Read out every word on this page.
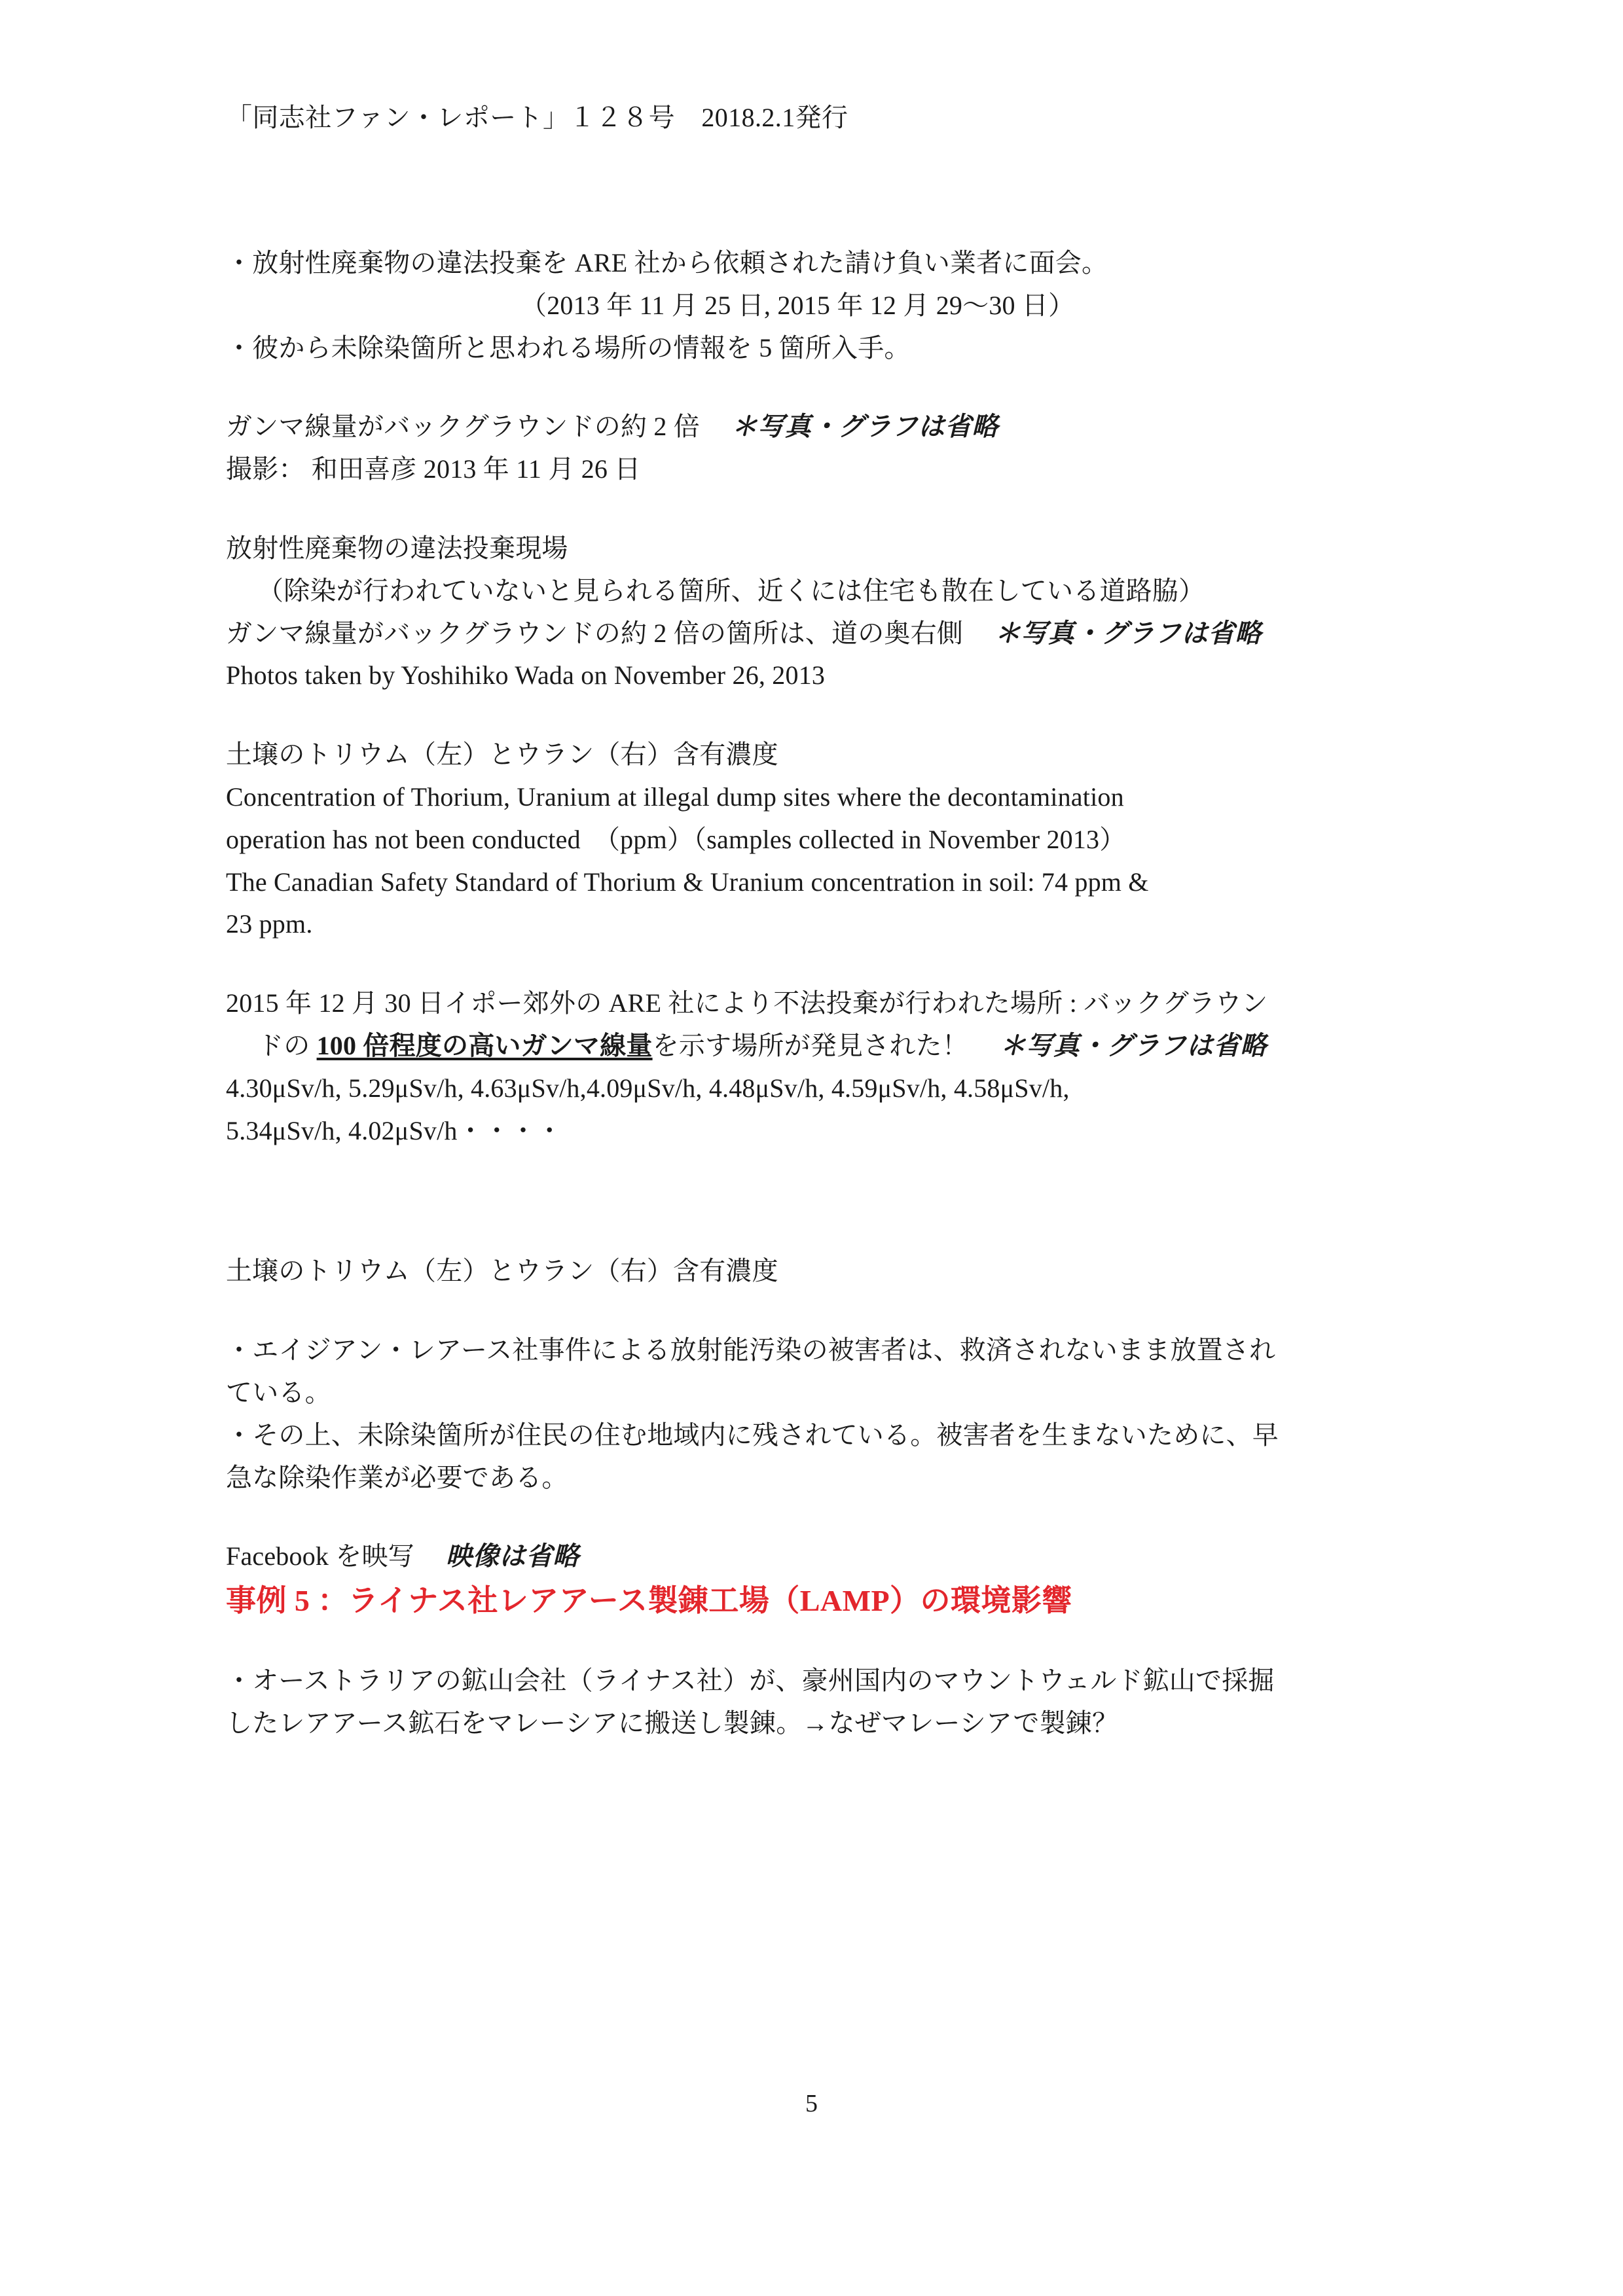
「同志社ファン・レポート」１２８号　2018.2.1発行

・放射性廃棄物の違法投棄を ARE 社から依頼された請け負い業者に面会。

（2013 年 11 月 25 日, 2015 年 12 月 29〜30 日）

・彼から未除染箇所と思われる場所の情報を 5 箇所入手。

ガンマ線量がバックグラウンドの約 2 倍 ＊写真・グラフは省略

撮影： 和田喜彦 2013 年 11 月 26 日

放射性廃棄物の違法投棄現場

（除染が行われていないと見られる箇所、近くには住宅も散在している道路脇）

ガンマ線量がバックグラウンドの約 2 倍の箇所は、道の奥右側 ＊写真・グラフは省略

Photos taken by Yoshihiko Wada on November 26, 2013

土壌のトリウム（左）とウラン（右）含有濃度

Concentration of Thorium, Uranium at illegal dump sites where the decontamination

operation has not been conducted　（ppm）（samples collected in November 2013）

The Canadian Safety Standard of Thorium & Uranium concentration in soil: 74 ppm &

23 ppm.

2015 年 12 月 30 日イポー郊外の ARE 社により不法投棄が行われた場所 : バックグラウン

ドの 100 倍程度の高いガンマ線量を示す場所が発見された！ ＊写真・グラフは省略

4.30μSv/h, 5.29μSv/h, 4.63μSv/h,4.09μSv/h, 4.48μSv/h, 4.59μSv/h, 4.58μSv/h,

5.34μSv/h, 4.02μSv/h・・・・

土壌のトリウム（左）とウラン（右）含有濃度

・エイジアン・レアース社事件による放射能汚染の被害者は、救済されないまま放置され

ている。

・その上、未除染箇所が住民の住む地域内に残されている。被害者を生まないために、早

急な除染作業が必要である。

Facebook を映写 映像は省略

事例 5 ：ライナス社レアアース製錬工場（LAMP）の環境影響

・オーストラリアの鉱山会社（ライナス社）が、豪州国内のマウントウェルド鉱山で採掘

したレアアース鉱石をマレーシアに搬送し製錬。→なぜマレーシアで製錬？

5
